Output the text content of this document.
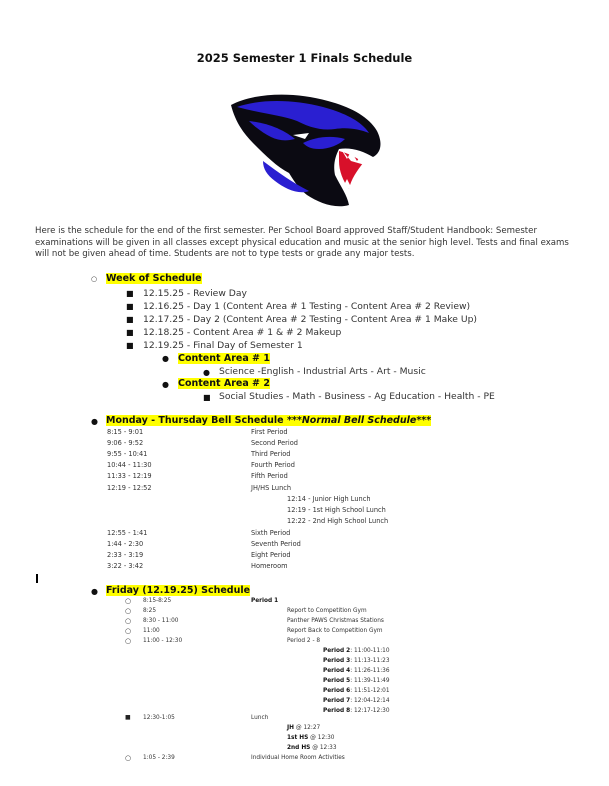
2025 Semester 1 Finals Schedule
Here is the schedule for the end of the first semester. Per School Board approved Staff/Student Handbook: Semester examinations will be given in all classes except physical education and music at the senior high level. Tests and final exams will not be given ahead of time. Students are not to type tests or grade any major tests.
○ Week of Schedule
■ 12.15.25 - Review Day
■ 12.16.25 - Day 1 (Content Area # 1 Testing - Content Area # 2 Review)
■ 12.17.25 - Day 2 (Content Area # 2 Testing - Content Area # 1 Make Up)
■ 12.18.25 - Content Area # 1 & # 2 Makeup
■ 12.19.25 - Final Day of Semester 1
● Content Area # 1
● Science -English - Industrial Arts - Art - Music
● Content Area # 2
■ Social Studies - Math - Business - Ag Education - Health - PE
● Monday - Thursday Bell Schedule ***Normal Bell Schedule***
8:15 - 9:01	First Period
9:06 - 9:52	Second Period
9:55 - 10:41	Third Period
10:44 - 11:30	Fourth Period
11:33 - 12:19	Fifth Period
12:19 - 12:52	JH/HS Lunch
12:14 - Junior High Lunch
12:19 - 1st High School Lunch
12:22 - 2nd High School Lunch
12:55 - 1:41	Sixth Period
1:44 - 2:30	Seventh Period
2:33 - 3:19	Eight Period
3:22 - 3:42	Homeroom
● Friday (12.19.25) Schedule
○ 8:15-8:25	Period 1
○ 8:25	Report to Competition Gym
○ 8:30 - 11:00	Panther PAWS Christmas Stations
○ 11:00	Report Back to Competition Gym
○ 11:00 - 12:30	Period 2 - 8
Period 2: 11:00-11:10
Period 3: 11:13-11:23
Period 4: 11:26-11:36
Period 5: 11:39-11:49
Period 6: 11:51-12:01
Period 7: 12:04-12:14
Period 8: 12:17-12:30
■ 12:30-1:05	Lunch
JH @ 12:27
1st HS @ 12:30
2nd HS @ 12:33
○ 1:05 - 2:39	Individual Home Room Activities
